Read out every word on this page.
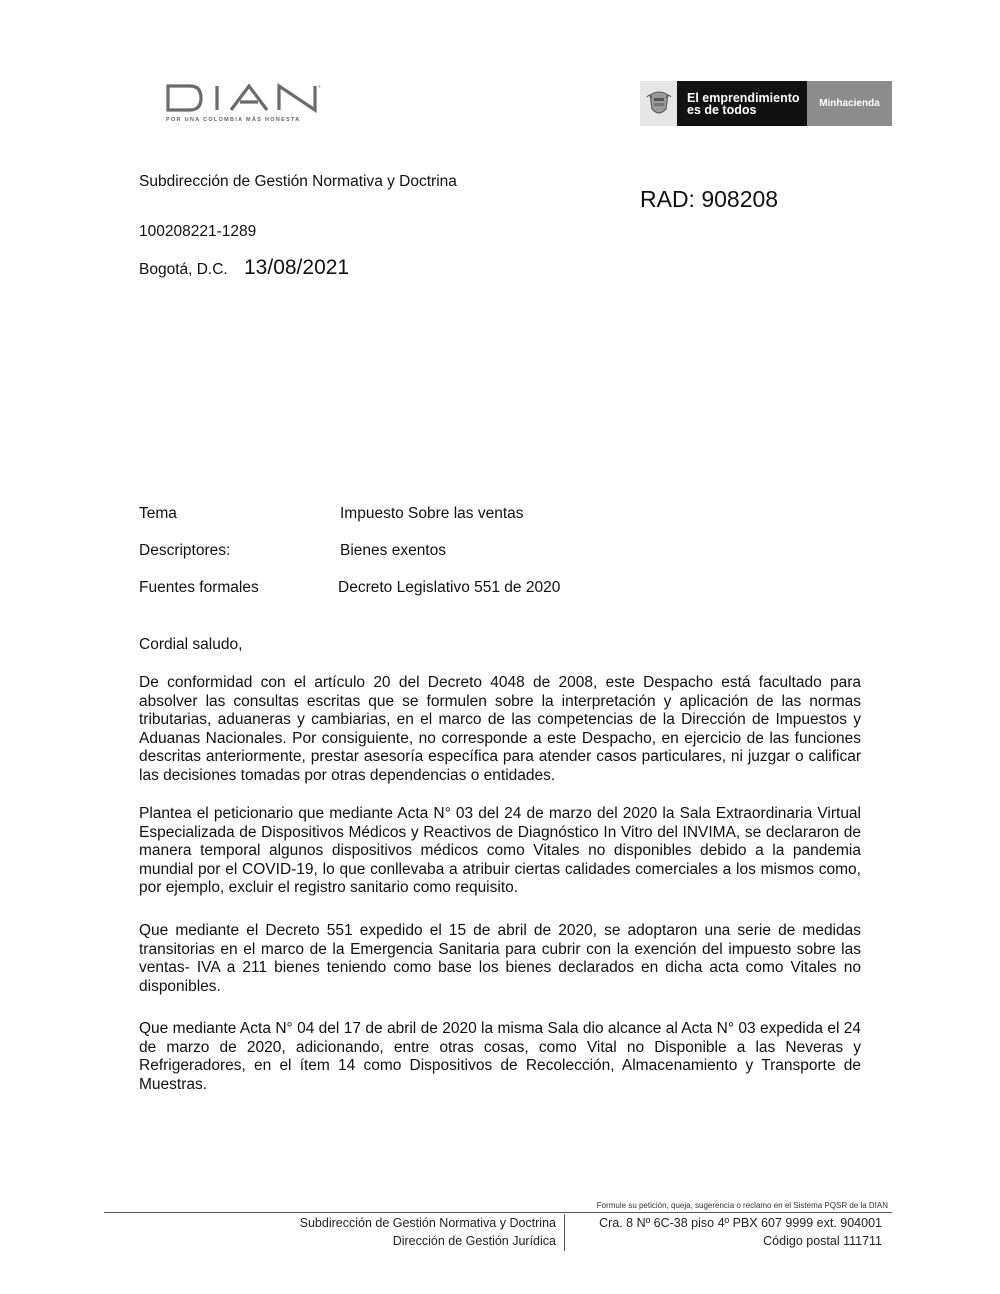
®
POR UNA COLOMBIA MÁS HONESTA
El emprendimiento
es de todos	Minhacienda
Subdirección de Gestión Normativa y Doctrina
RAD: 908208
100208221-1289
Bogotá, D.C. 13/08/2021
Tema	Impuesto Sobre las ventas
Descriptores:	Bienes exentos
Fuentes formales	Decreto Legislativo 551 de 2020
Cordial saludo,

De conformidad con el artículo 20 del Decreto 4048 de 2008, este Despacho está facultado para absolver las consultas escritas que se formulen sobre la interpretación y aplicación de las normas tributarias, aduaneras y cambiarias, en el marco de las competencias de la Dirección de Impuestos y Aduanas Nacionales. Por consiguiente, no corresponde a este Despacho, en ejercicio de las funciones descritas anteriormente, prestar asesoría específica para atender casos particulares, ni juzgar o calificar las decisiones tomadas por otras dependencias o entidades.

Plantea el peticionario que mediante Acta N° 03 del 24 de marzo del 2020 la Sala Extraordinaria Virtual Especializada de Dispositivos Médicos y Reactivos de Diagnóstico In Vitro del INVIMA, se declararon de manera temporal algunos dispositivos médicos como Vitales no disponibles debido a la pandemia mundial por el COVID-19, lo que conllevaba a atribuir ciertas calidades comerciales a los mismos como, por ejemplo, excluir el registro sanitario como requisito.

Que mediante el Decreto 551 expedido el 15 de abril de 2020, se adoptaron una serie de medidas transitorias en el marco de la Emergencia Sanitaria para cubrir con la exención del impuesto sobre las ventas- IVA a 211 bienes teniendo como base los bienes declarados en dicha acta como Vitales no disponibles.

Que mediante Acta N° 04 del 17 de abril de 2020 la misma Sala dio alcance al Acta N° 03 expedida el 24 de marzo de 2020, adicionando, entre otras cosas, como Vital no Disponible a las Neveras y Refrigeradores, en el ítem 14 como Dispositivos de Recolección, Almacenamiento y Transporte de Muestras.

Formule su petición, queja, sugerencia o reclamo en el Sistema PQSR de la DIAN
Subdirección de Gestión Normativa y Doctrina
Dirección de Gestión Jurídica
Cra. 8 Nº 6C-38 piso 4º PBX 607 9999 ext. 904001
Código postal 111711
